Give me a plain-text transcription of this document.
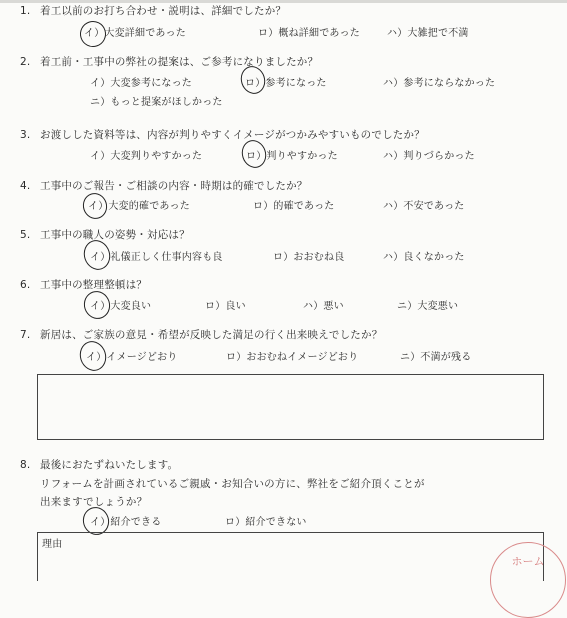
1. 着工以前のお打ち合わせ・説明は、詳細でしたか？
イ）大変詳細であった	ロ）概ね詳細であった	ハ）大雑把で不満
2. 着工前・工事中の弊社の提案は、ご参考になりましたか？
イ）大変参考になった	ロ）参考になった	ハ）参考にならなかった
ニ）もっと提案がほしかった
3. お渡しした資料等は、内容が判りやすくイメージがつかみやすいものでしたか？
イ）大変判りやすかった	ロ）判りやすかった	ハ）判りづらかった
4. 工事中のご報告・ご相談の内容・時期は的確でしたか？
イ）大変的確であった	ロ）的確であった	ハ）不安であった
5. 工事中の職人の姿勢・対応は？
イ）礼儀正しく仕事内容も良	ロ）おおむね良	ハ）良くなかった
6. 工事中の整理整頓は？
イ）大変良い	ロ）良い	ハ）悪い	ニ）大変悪い
7. 新居は、ご家族の意見・希望が反映した満足の行く出来映えでしたか？
イ）イメージどおり	ロ）おおむねイメージどおり	ニ）不満が残る
8. 最後におたずねいたします。
リフォームを計画されているご親戚・お知合いの方に、弊社をご紹介頂くことが
出来ますでしょうか？
イ）紹介できる	ロ）紹介できない
理由
ホーム
